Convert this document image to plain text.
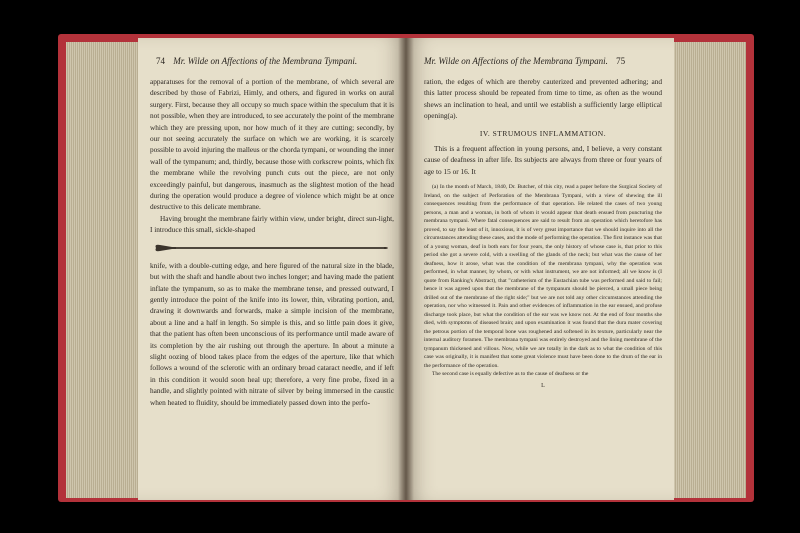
74 Mr. Wilde on Affections of the Membrana Tympani.

apparatuses for the removal of a portion of the membrane, of which several are described by those of Fabrizi, Himly, and others, and figured in works on aural surgery. First, because they all occupy so much space within the speculum that it is not possible, when they are introduced, to see accurately the point of the membrane which they are pressing upon, nor how much of it they are cutting; secondly, by our not seeing accurately the surface on which we are working, it is scarcely possible to avoid injuring the malleus or the chorda tympani, or wounding the inner wall of the tympanum; and, thirdly, because those with corkscrew points, which fix the membrane while the revolving punch cuts out the piece, are not only exceedingly painful, but dangerous, inasmuch as the slightest motion of the head during the operation would produce a degree of violence which might be at once destructive to this delicate membrane.

Having brought the membrane fairly within view, under bright, direct sun-light, I introduce this small, sickle-shaped

knife, with a double-cutting edge, and here figured of the natural size in the blade, but with the shaft and handle about two inches longer; and having made the patient inflate the tympanum, so as to make the membrane tense, and pressed outward, I gently introduce the point of the knife into its lower, thin, vibrating portion, and, drawing it downwards and forwards, make a simple incision of the membrane, about a line and a half in length. So simple is this, and so little pain does it give, that the patient has often been unconscious of its performance until made aware of its completion by the air rushing out through the aperture. In about a minute a slight oozing of blood takes place from the edges of the aperture, like that which follows a wound of the sclerotic with an ordinary broad cataract needle, and if left in this condition it would soon heal up; therefore, a very fine probe, fixed in a handle, and slightly pointed with nitrate of silver by being immersed in the caustic when heated to fluidity, should be immediately passed down into the perfo-

Mr. Wilde on Affections of the Membrana Tympani. 75

ration, the edges of which are thereby cauterized and prevented adhering; and this latter process should be repeated from time to time, as often as the wound shews an inclination to heal, and until we establish a sufficiently large elliptical opening(a).

IV. STRUMOUS INFLAMMATION.

This is a frequent affection in young persons, and, I believe, a very constant cause of deafness in after life. Its subjects are always from three or four years of age to 15 or 16. It

(a) In the month of March, 1840, Dr. Butcher, of this city, read a paper before the Surgical Society of Ireland, on the subject of Perforation of the Membrana Tympani, with a view of shewing the ill consequences resulting from the performance of that operation. He related the cases of two young persons, a man and a woman, in both of whom it would appear that death ensued from puncturing the membrana tympani. Where fatal consequences are said to result from an operation which heretofore has proved, to say the least of it, innoxious, it is of very great importance that we should inquire into all the circumstances attending these cases, and the mode of performing the operation. The first instance was that of a young woman, deaf in both ears for four years, the only history of whose case is, that prior to this period she got a severe cold, with a swelling of the glands of the neck; but what was the cause of her deafness, how it arose, what was the condition of the membrana tympani, why the operation was performed, in what manner, by whom, or with what instrument, we are not informed; all we know is (I quote from Ranking's Abstract), that "catheterism of the Eustachian tube was performed and said to fail; hence it was agreed upon that the membrane of the tympanum should be pierced, a small piece being drilled out of the membrane of the right side;" but we are not told any other circumstances attending the operation, nor who witnessed it. Pain and other evidences of inflammation in the ear ensued, and profuse discharge took place, but what the condition of the ear was we know not. At the end of four months she died, with symptoms of diseased brain; and upon examination it was found that the dura mater covering the petrous portion of the temporal bone was roughened and softened in its texture, particularly near the internal auditory foramen. The membrana tympani was entirely destroyed and the lining membrane of the tympanum thickened and villous. Now, while we are totally in the dark as to what the condition of this case was originally, it is manifest that some great violence must have been done to the drum of the ear in the performance of the operation.

The second case is equally defective as to the cause of deafness or the

L
